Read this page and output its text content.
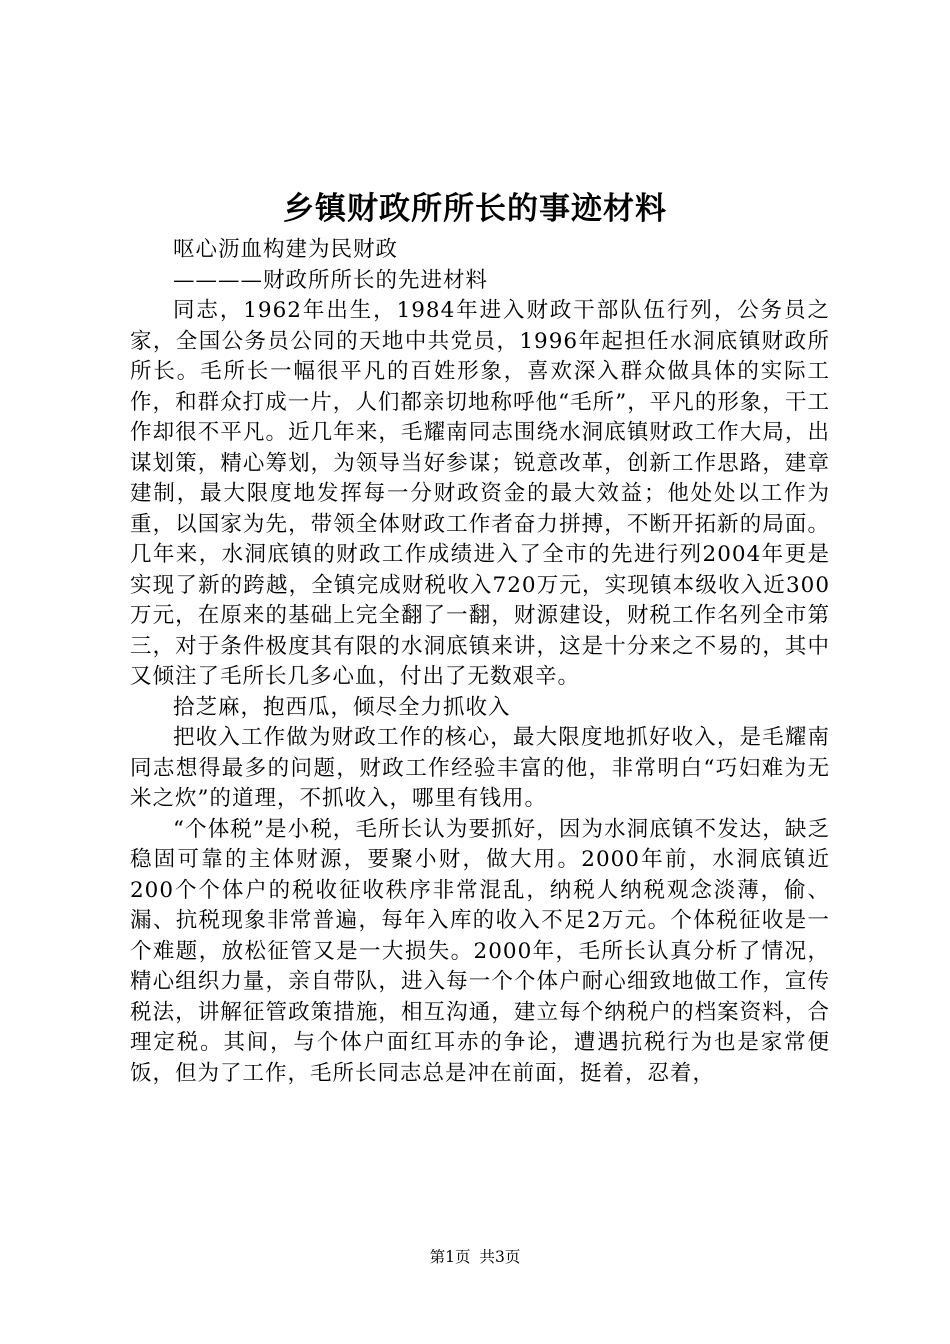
乡镇财政所所长的事迹材料

呕心沥血构建为民财政

————财政所所长的先进材料

同志，1962年出生，1984年进入财政干部队伍行列，公务员之家，全国公务员公同的天地中共党员，1996年起担任水洞底镇财政所所长。毛所长一幅很平凡的百姓形象，喜欢深入群众做具体的实际工作，和群众打成一片，人们都亲切地称呼他“毛所”，平凡的形象，干工作却很不平凡。近几年来，毛耀南同志围绕水洞底镇财政工作大局，出谋划策，精心筹划，为领导当好参谋；锐意改革，创新工作思路，建章建制，最大限度地发挥每一分财政资金的最大效益；他处处以工作为重，以国家为先，带领全体财政工作者奋力拼搏，不断开拓新的局面。几年来，水洞底镇的财政工作成绩进入了全市的先进行列2004年更是实现了新的跨越，全镇完成财税收入720万元，实现镇本级收入近300万元，在原来的基础上完全翻了一翻，财源建设，财税工作名列全市第三，对于条件极度其有限的水洞底镇来讲，这是十分来之不易的，其中又倾注了毛所长几多心血，付出了无数艰辛。

拾芝麻，抱西瓜，倾尽全力抓收入

把收入工作做为财政工作的核心，最大限度地抓好收入，是毛耀南同志想得最多的问题，财政工作经验丰富的他，非常明白“巧妇难为无米之炊”的道理，不抓收入，哪里有钱用。

“个体税”是小税，毛所长认为要抓好，因为水洞底镇不发达，缺乏稳固可靠的主体财源，要聚小财，做大用。2000年前，水洞底镇近200个个体户的税收征收秩序非常混乱，纳税人纳税观念淡薄，偷、漏、抗税现象非常普遍，每年入库的收入不足2万元。个体税征收是一个难题，放松征管又是一大损失。2000年，毛所长认真分析了情况，精心组织力量，亲自带队，进入每一个个体户耐心细致地做工作，宣传税法，讲解征管政策措施，相互沟通，建立每个纳税户的档案资料，合理定税。其间，与个体户面红耳赤的争论，遭遇抗税行为也是家常便饭，但为了工作，毛所长同志总是冲在前面，挺着，忍着，

第1页 共3页
